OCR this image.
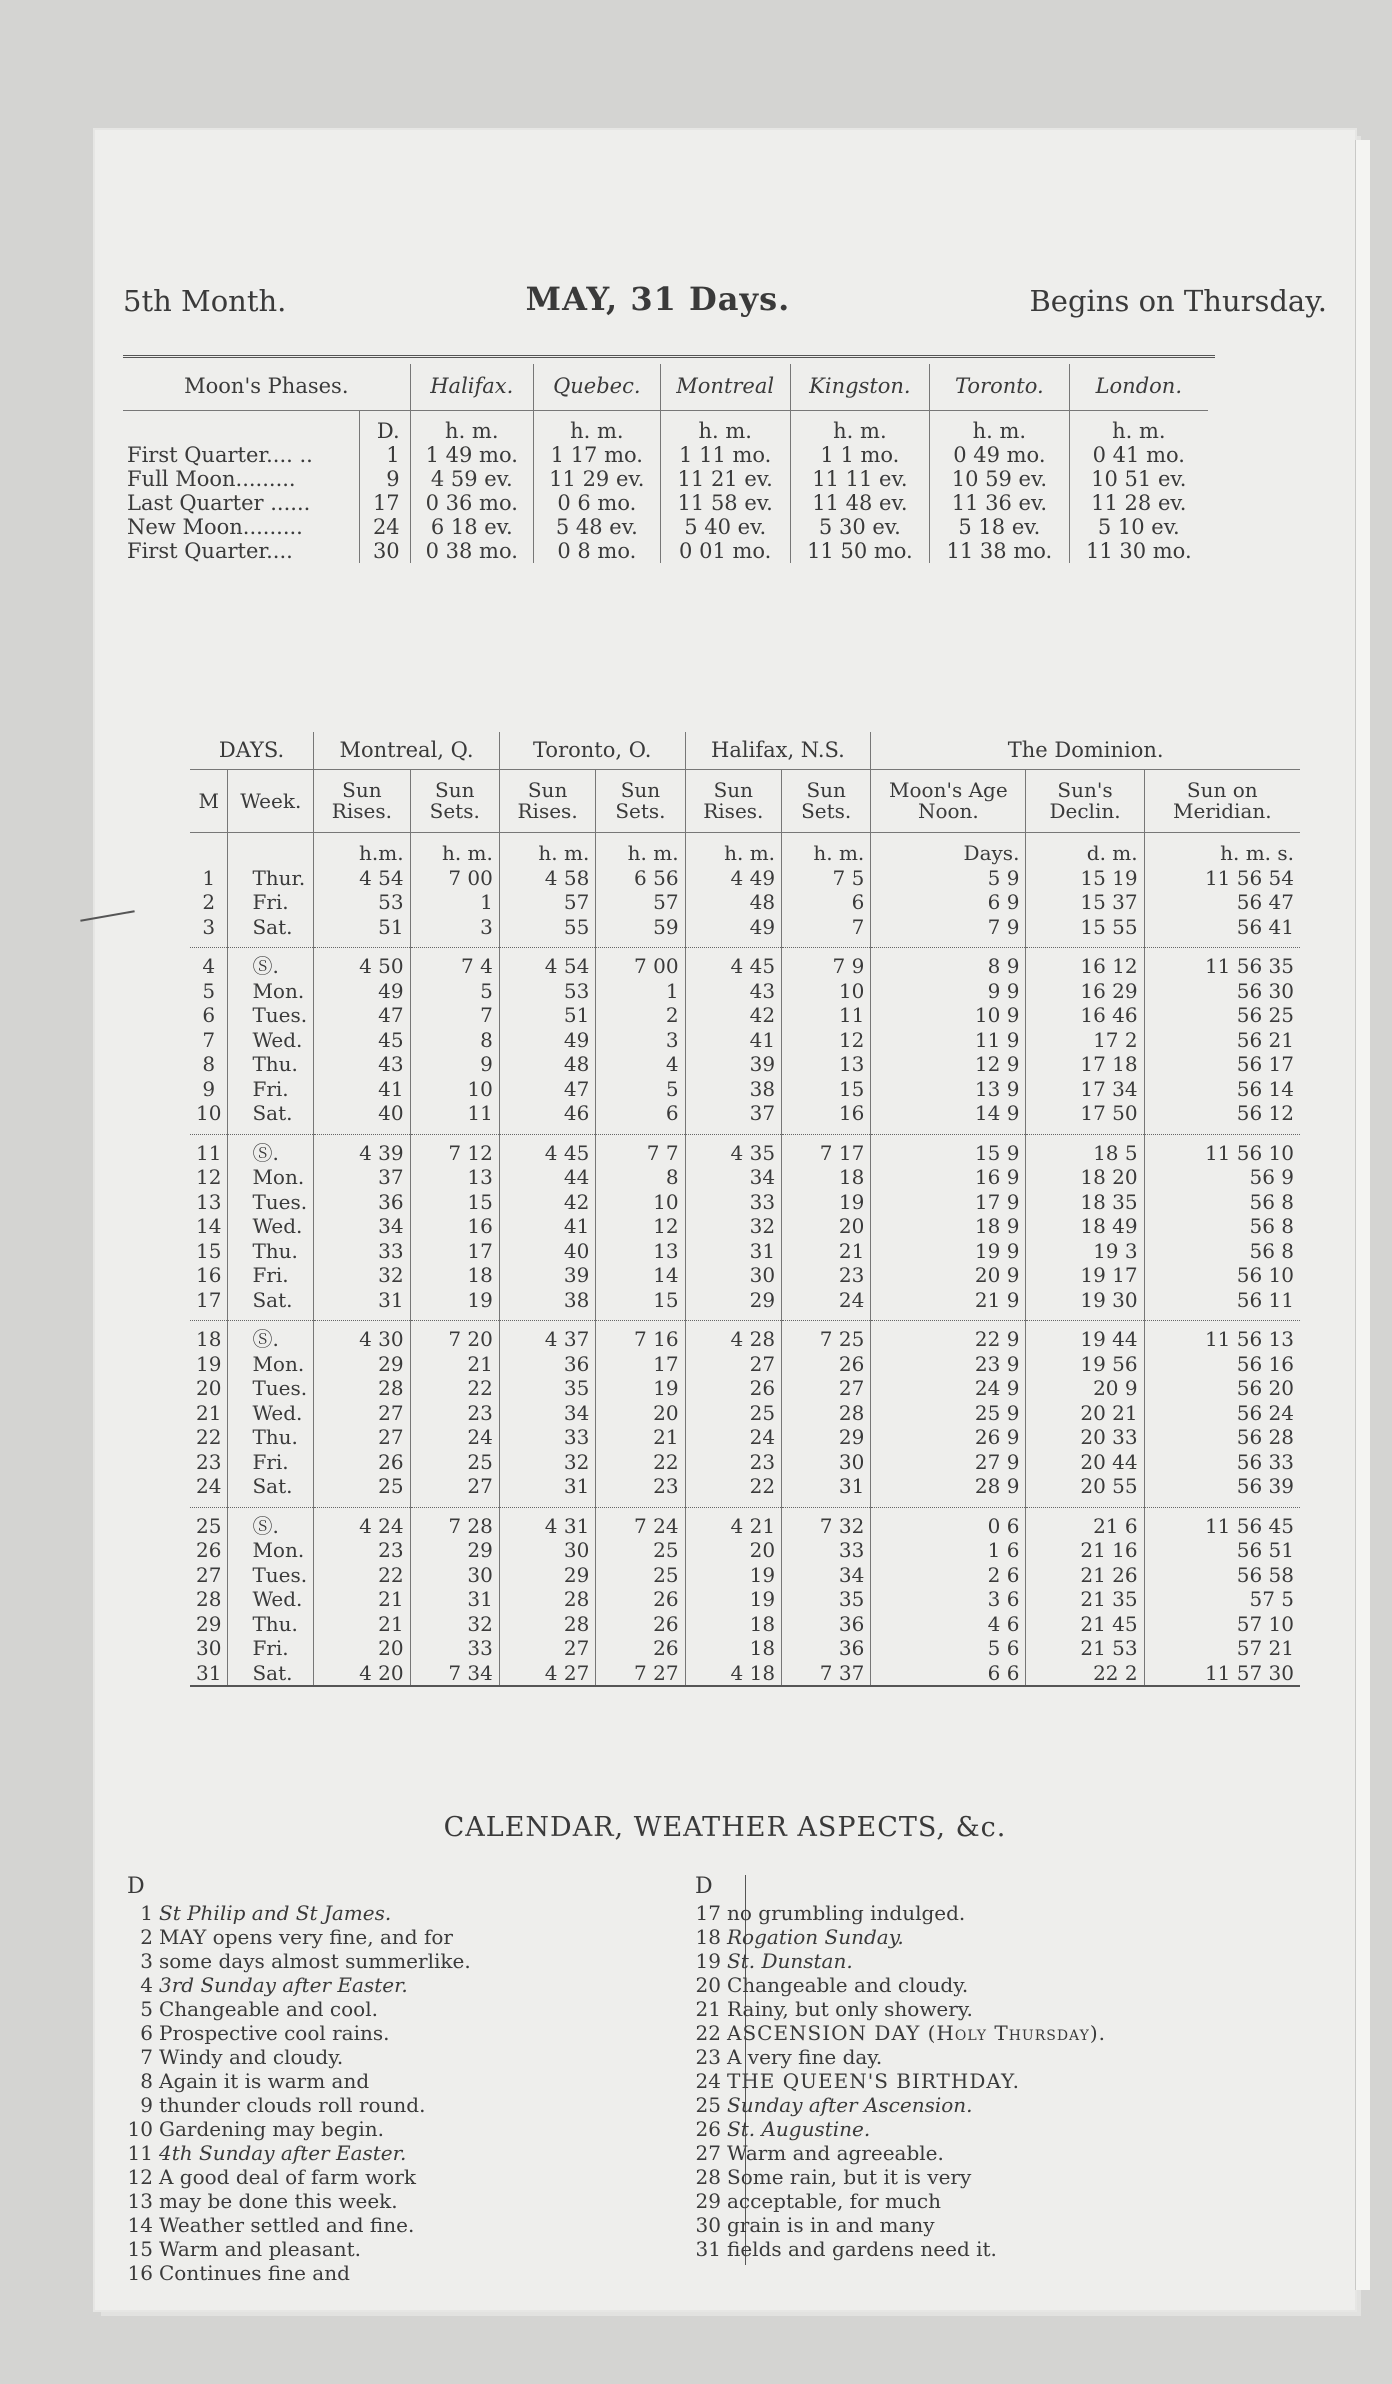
5th Month.	MAY, 31 Days.	Begins on Thursday.
Moon's Phases.		Halifax.	Quebec.	Montreal	Kingston.	Toronto.	London.
	D.	h. m.	h. m.	h. m.	h. m.	h. m.	h. m.
First Quarter.... ..	1	1 49 mo.	1 17 mo.	1 11 mo.	1 1 mo.	0 49 mo.	0 41 mo.
Full Moon.........	9	4 59 ev.	11 29 ev.	11 21 ev.	11 11 ev.	10 59 ev.	10 51 ev.
Last Quarter ......	17	0 36 mo.	0 6 mo.	11 58 ev.	11 48 ev.	11 36 ev.	11 28 ev.
New Moon.........	24	6 18 ev.	5 48 ev.	5 40 ev.	5 30 ev.	5 18 ev.	5 10 ev.
First Quarter....	30	0 38 mo.	0 8 mo.	0 01 mo.	11 50 mo.	11 38 mo.	11 30 mo.
DAYS.		Montreal, Q.		Toronto, O.		Halifax, N.S.		The Dominion.		
M	Week.	Sun Rises.	Sun Sets.	Sun Rises.	Sun Sets.	Sun Rises.	Sun Sets.	Moon's Age Noon.	Sun's Declin.	Sun on Meridian.
		h.m.	h. m.	h. m.	h. m.	h. m.	h. m.	Days.	d. m.	h. m. s.
1	Thur.	4 54	7 00	4 58	6 56	4 49	7 5	5 9	15 19	11 56 54
2	Fri.	53	1	57	57	48	6	6 9	15 37	56 47
3	Sat.	51	3	55	59	49	7	7 9	15 55	56 41
4	Ⓢ.	4 50	7 4	4 54	7 00	4 45	7 9	8 9	16 12	11 56 35
5	Mon.	49	5	53	1	43	10	9 9	16 29	56 30
6	Tues.	47	7	51	2	42	11	10 9	16 46	56 25
7	Wed.	45	8	49	3	41	12	11 9	17 2	56 21
8	Thu.	43	9	48	4	39	13	12 9	17 18	56 17
9	Fri.	41	10	47	5	38	15	13 9	17 34	56 14
10	Sat.	40	11	46	6	37	16	14 9	17 50	56 12
11	Ⓢ.	4 39	7 12	4 45	7 7	4 35	7 17	15 9	18 5	11 56 10
12	Mon.	37	13	44	8	34	18	16 9	18 20	56 9
13	Tues.	36	15	42	10	33	19	17 9	18 35	56 8
14	Wed.	34	16	41	12	32	20	18 9	18 49	56 8
15	Thu.	33	17	40	13	31	21	19 9	19 3	56 8
16	Fri.	32	18	39	14	30	23	20 9	19 17	56 10
17	Sat.	31	19	38	15	29	24	21 9	19 30	56 11
18	Ⓢ.	4 30	7 20	4 37	7 16	4 28	7 25	22 9	19 44	11 56 13
19	Mon.	29	21	36	17	27	26	23 9	19 56	56 16
20	Tues.	28	22	35	19	26	27	24 9	20 9	56 20
21	Wed.	27	23	34	20	25	28	25 9	20 21	56 24
22	Thu.	27	24	33	21	24	29	26 9	20 33	56 28
23	Fri.	26	25	32	22	23	30	27 9	20 44	56 33
24	Sat.	25	27	31	23	22	31	28 9	20 55	56 39
25	Ⓢ.	4 24	7 28	4 31	7 24	4 21	7 32	0 6	21 6	11 56 45
26	Mon.	23	29	30	25	20	33	1 6	21 16	56 51
27	Tues.	22	30	29	25	19	34	2 6	21 26	56 58
28	Wed.	21	31	28	26	19	35	3 6	21 35	57 5
29	Thu.	21	32	28	26	18	36	4 6	21 45	57 10
30	Fri.	20	33	27	26	18	36	5 6	21 53	57 21
31	Sat.	4 20	7 34	4 27	7 27	4 18	7 37	6 6	22 2	11 57 30
CALENDAR, WEATHER ASPECTS, &c.
D
1 St Philip and St James.
2 MAY opens very fine, and for
3 some days almost summerlike.
4 3rd Sunday after Easter.
5 Changeable and cool.
6 Prospective cool rains.
7 Windy and cloudy.
8 Again it is warm and
9 thunder clouds roll round.
10 Gardening may begin.
11 4th Sunday after Easter.
12 A good deal of farm work
13 may be done this week.
14 Weather settled and fine.
15 Warm and pleasant.
16 Continues fine and
D
17 no grumbling indulged.
18 Rogation Sunday.
19 St. Dunstan.
20 Changeable and cloudy.
21 Rainy, but only showery.
22 ASCENSION DAY (Holy Thursday).
23 A very fine day.
24 THE QUEEN'S BIRTHDAY.
25 Sunday after Ascension.
26 St. Augustine.
27 Warm and agreeable.
28 Some rain, but it is very
29 acceptable, for much
30 grain is in and many
31 fields and gardens need it.
